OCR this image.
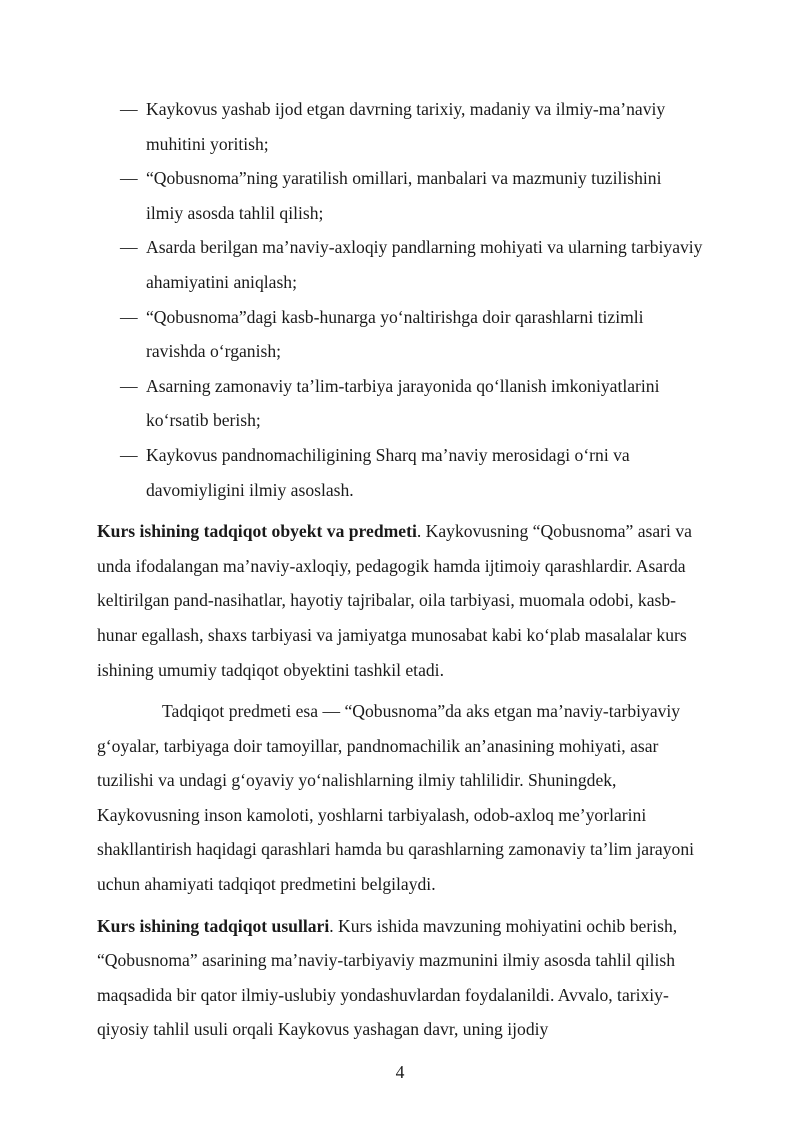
— Kaykovus yashab ijod etgan davrning tarixiy, madaniy va ilmiy-ma’naviy muhitini yoritish;
— “Qobusnoma”ning yaratilish omillari, manbalari va mazmuniy tuzilishini ilmiy asosda tahlil qilish;
— Asarda berilgan ma’naviy-axloqiy pandlarning mohiyati va ularning tarbiyaviy ahamiyatini aniqlash;
— “Qobusnoma”dagi kasb-hunarga yo‘naltirishga doir qarashlarni tizimli ravishda o‘rganish;
— Asarning zamonaviy ta’lim-tarbiya jarayonida qo‘llanish imkoniyatlarini ko‘rsatib berish;
— Kaykovus pandnomachiligining Sharq ma’naviy merosidagi o‘rni va davomiyligini ilmiy asoslash.

Kurs ishining tadqiqot obyekt va predmeti. Kaykovusning “Qobusnoma” asari va unda ifodalangan ma’naviy-axloqiy, pedagogik hamda ijtimoiy qarashlardir. Asarda keltirilgan pand-nasihatlar, hayotiy tajribalar, oila tarbiyasi, muomala odobi, kasb-hunar egallash, shaxs tarbiyasi va jamiyatga munosabat kabi ko‘plab masalalar kurs ishining umumiy tadqiqot obyektini tashkil etadi.

Tadqiqot predmeti esa — “Qobusnoma”da aks etgan ma’naviy-tarbiyaviy g‘oyalar, tarbiyaga doir tamoyillar, pandnomachilik an’anasining mohiyati, asar tuzilishi va undagi g‘oyaviy yo‘nalishlarning ilmiy tahlilidir. Shuningdek, Kaykovusning inson kamoloti, yoshlarni tarbiyalash, odob-axloq me’yorlarini shakllantirish haqidagi qarashlari hamda bu qarashlarning zamonaviy ta’lim jarayoni uchun ahamiyati tadqiqot predmetini belgilaydi.

Kurs ishining tadqiqot usullari. Kurs ishida mavzuning mohiyatini ochib berish, “Qobusnoma” asarining ma’naviy-tarbiyaviy mazmunini ilmiy asosda tahlil qilish maqsadida bir qator ilmiy-uslubiy yondashuvlardan foydalanildi. Avvalo, tarixiy-qiyosiy tahlil usuli orqali Kaykovus yashagan davr, uning ijodiy

4
